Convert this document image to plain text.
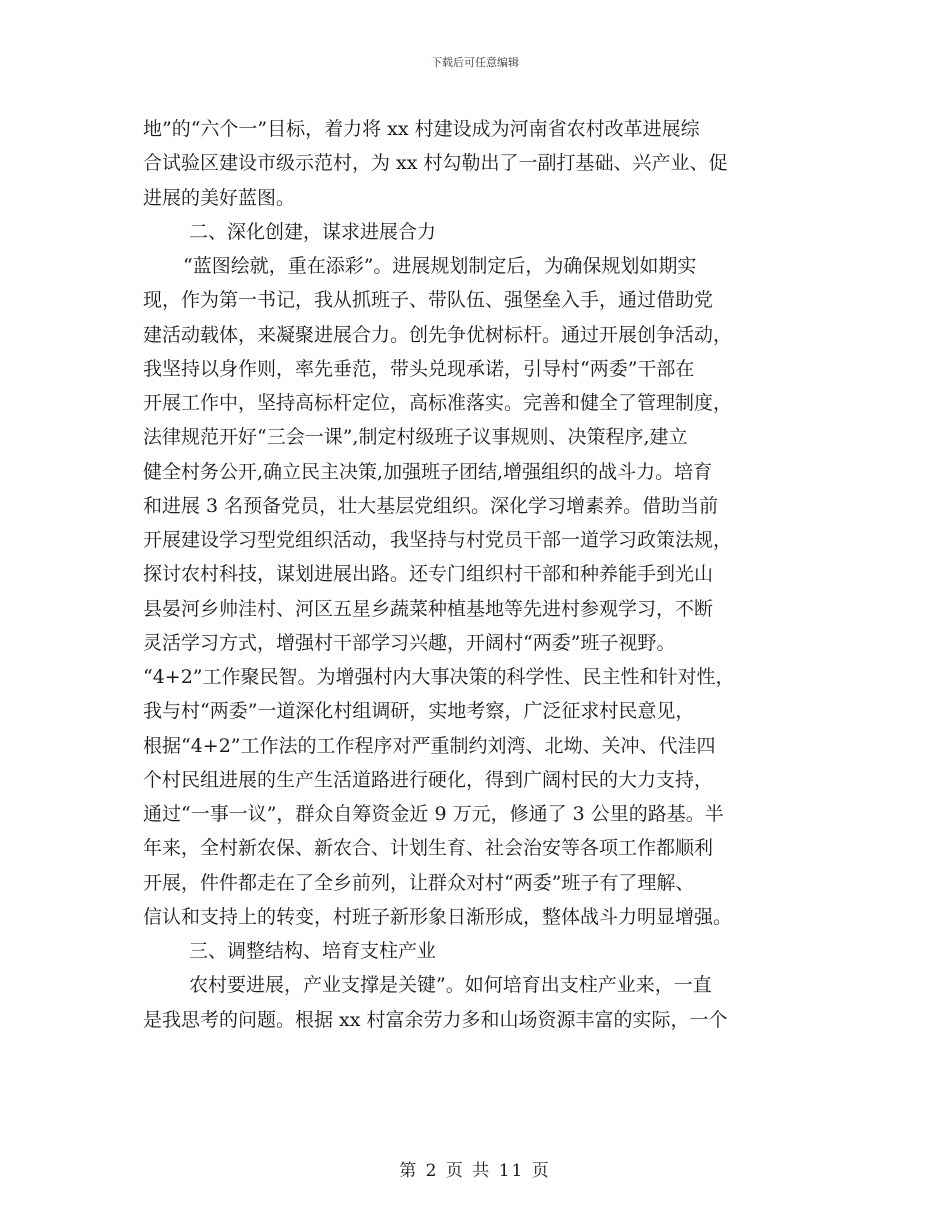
下载后可任意编辑
地”的“六个一”目标，着力将 xx 村建设成为河南省农村改革进展综
合试验区建设市级示范村，为 xx 村勾勒出了一副打基础、兴产业、促
进展的美好蓝图。
二、深化创建，谋求进展合力
“蓝图绘就，重在添彩”。进展规划制定后，为确保规划如期实
现，作为第一书记，我从抓班子、带队伍、强堡垒入手，通过借助党
建活动载体，来凝聚进展合力。创先争优树标杆。通过开展创争活动，
我坚持以身作则，率先垂范，带头兑现承诺，引导村“两委”干部在
开展工作中，坚持高标杆定位，高标准落实。完善和健全了管理制度，
法律规范开好“三会一课”,制定村级班子议事规则、决策程序,建立
健全村务公开,确立民主决策,加强班子团结,增强组织的战斗力。培育
和进展 3 名预备党员，壮大基层党组织。深化学习增素养。借助当前
开展建设学习型党组织活动，我坚持与村党员干部一道学习政策法规，
探讨农村科技，谋划进展出路。还专门组织村干部和种养能手到光山
县晏河乡帅洼村、河区五星乡蔬菜种植基地等先进村参观学习，不断
灵活学习方式，增强村干部学习兴趣，开阔村“两委”班子视野。
“4+2”工作聚民智。为增强村内大事决策的科学性、民主性和针对性，
我与村“两委”一道深化村组调研，实地考察，广泛征求村民意见，
根据“4+2”工作法的工作程序对严重制约刘湾、北坳、关冲、代洼四
个村民组进展的生产生活道路进行硬化，得到广阔村民的大力支持，
通过“一事一议”，群众自筹资金近 9 万元，修通了 3 公里的路基。半
年来，全村新农保、新农合、计划生育、社会治安等各项工作都顺利
开展，件件都走在了全乡前列，让群众对村“两委”班子有了理解、
信认和支持上的转变，村班子新形象日渐形成，整体战斗力明显增强。
三、调整结构、培育支柱产业
农村要进展，产业支撑是关键”。如何培育出支柱产业来，一直
是我思考的问题。根据 xx 村富余劳力多和山场资源丰富的实际，一个
第 2 页 共 11 页
